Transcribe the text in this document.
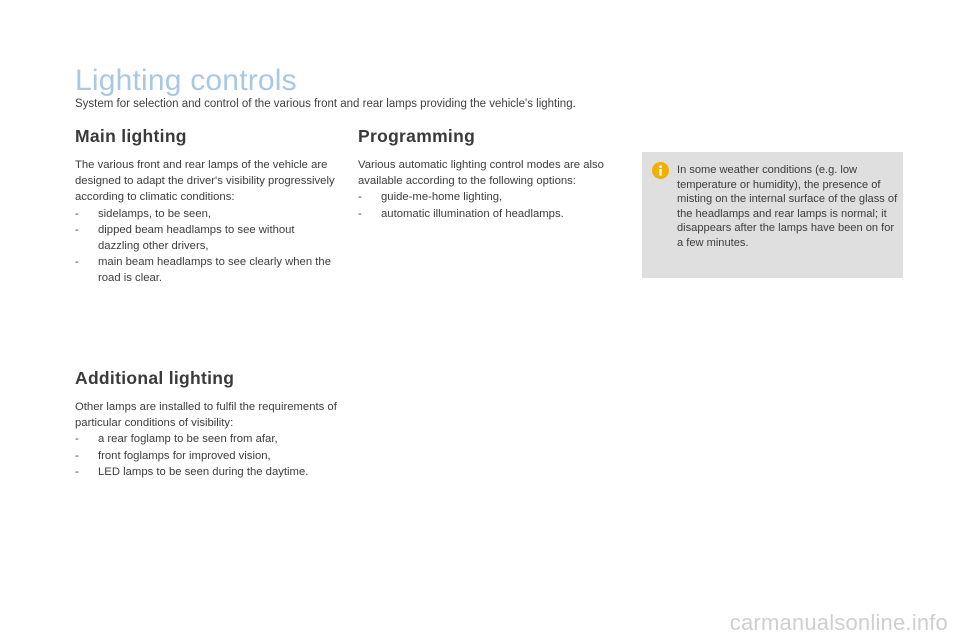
Lighting controls

System for selection and control of the various front and rear lamps providing the vehicle's lighting.

Main lighting

The various front and rear lamps of the vehicle are designed to adapt the driver's visibility progressively according to climatic conditions:

- sidelamps, to be seen,
- dipped beam headlamps to see without dazzling other drivers,
- main beam headlamps to see clearly when the road is clear.
Programming

Various automatic lighting control modes are also available according to the following options:

- guide-me-home lighting,
- automatic illumination of headlamps.
Additional lighting

Other lamps are installed to fulfil the requirements of particular conditions of visibility:

- a rear foglamp to be seen from afar,
- front foglamps for improved vision,
- LED lamps to be seen during the daytime.

In some weather conditions (e.g. low temperature or humidity), the presence of misting on the internal surface of the glass of the headlamps and rear lamps is normal; it disappears after the lamps have been on for a few minutes.

carmanualsonline.info
